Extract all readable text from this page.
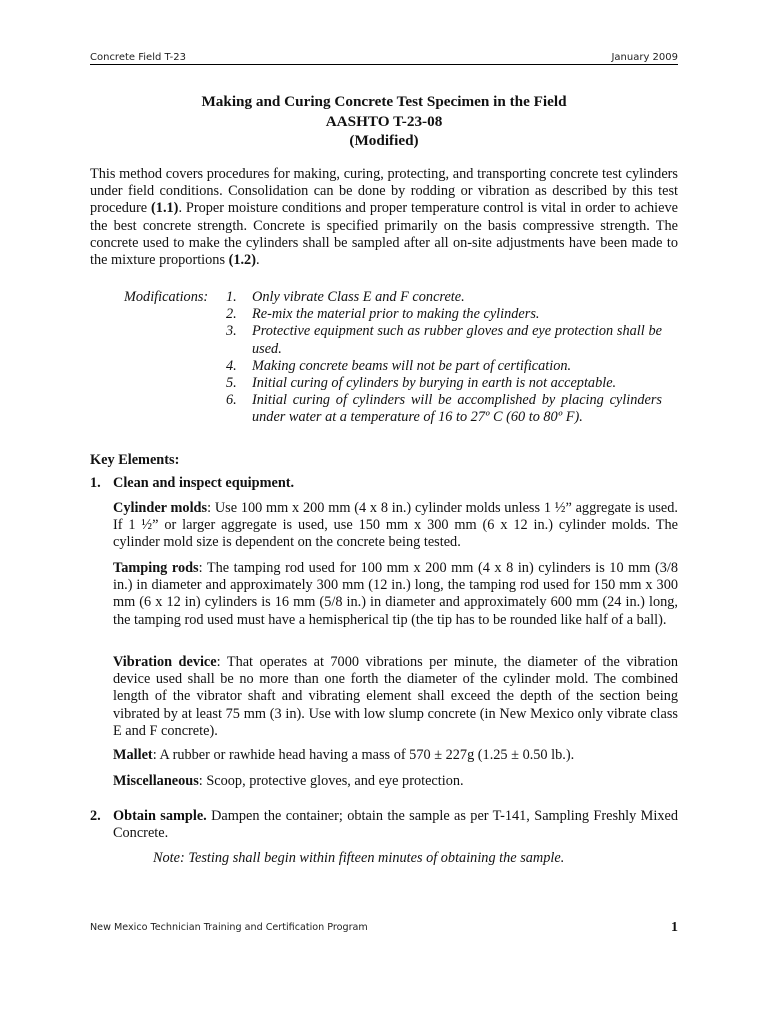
Concrete Field T-23	January 2009
Making and Curing Concrete Test Specimen in the Field
AASHTO T-23-08
(Modified)
This method covers procedures for making, curing, protecting, and transporting concrete test cylinders under field conditions. Consolidation can be done by rodding or vibration as described by this test procedure (1.1). Proper moisture conditions and proper temperature control is vital in order to achieve the best concrete strength. Concrete is specified primarily on the basis compressive strength. The concrete used to make the cylinders shall be sampled after all on-site adjustments have been made to the mixture proportions (1.2).
Modifications: 1. Only vibrate Class E and F concrete.
2. Re-mix the material prior to making the cylinders.
3. Protective equipment such as rubber gloves and eye protection shall be used.
4. Making concrete beams will not be part of certification.
5. Initial curing of cylinders by burying in earth is not acceptable.
6. Initial curing of cylinders will be accomplished by placing cylinders under water at a temperature of 16 to 27º C (60 to 80º F).
Key Elements:
1. Clean and inspect equipment.
Cylinder molds: Use 100 mm x 200 mm (4 x 8 in.) cylinder molds unless 1 ½” aggregate is used. If 1 ½” or larger aggregate is used, use 150 mm x 300 mm (6 x 12 in.) cylinder molds. The cylinder mold size is dependent on the concrete being tested.
Tamping rods: The tamping rod used for 100 mm x 200 mm (4 x 8 in) cylinders is 10 mm (3/8 in.) in diameter and approximately 300 mm (12 in.) long, the tamping rod used for 150 mm x 300 mm (6 x 12 in) cylinders is 16 mm (5/8 in.) in diameter and approximately 600 mm (24 in.) long, the tamping rod used must have a hemispherical tip (the tip has to be rounded like half of a ball).
Vibration device: That operates at 7000 vibrations per minute, the diameter of the vibration device used shall be no more than one forth the diameter of the cylinder mold. The combined length of the vibrator shaft and vibrating element shall exceed the depth of the section being vibrated by at least 75 mm (3 in). Use with low slump concrete (in New Mexico only vibrate class E and F concrete).
Mallet: A rubber or rawhide head having a mass of 570 ± 227g (1.25 ± 0.50 lb.).
Miscellaneous: Scoop, protective gloves, and eye protection.
2. Obtain sample. Dampen the container; obtain the sample as per T-141, Sampling Freshly Mixed Concrete.
Note: Testing shall begin within fifteen minutes of obtaining the sample.
New Mexico Technician Training and Certification Program	1
